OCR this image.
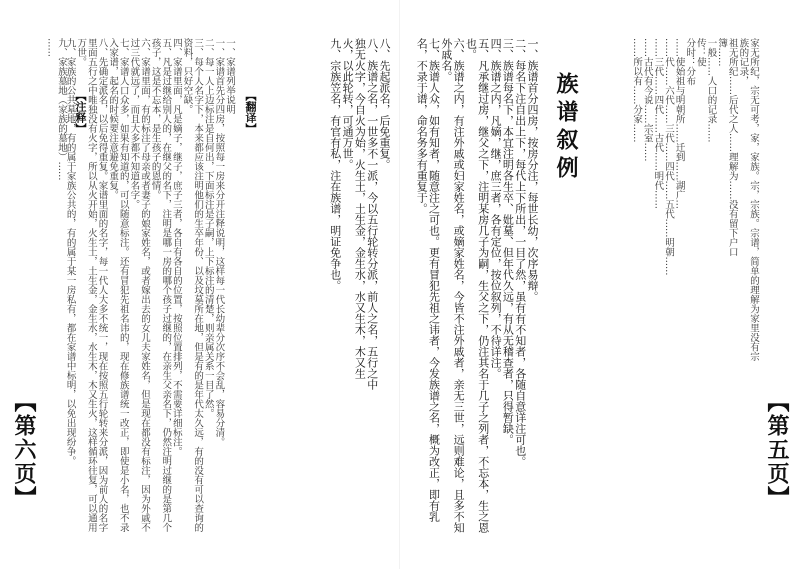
【第五页】
家无所纪，宗无可考，家，家族。宗，宗族。宗谱，简单的理解为家里没有宗族的记录，
祖无所纪……后代之人……理解为……没有留下户口
簿……
一般……人口的记录……
传：使
分时：分布
……使始祖与明朝所……迁到……湖广…
……代……六代……三代……四代……五代……明朝……
……三代……四代……古代……明代……
……古代有今说……宗室……
……所以有……分家……
族谱叙例
一、族谱首分四房，按房分注，每世长幼，次序易辩。
二、每名下注自出上下，每代上下所出，一目了然，虽有有不知者，各随自意详注可也。
三、族谱每名下，本宜注明各生卒、妣墓、但年代久远，有从无稽查者，只得暂缺。
四、族谱之内，凡嫡，继，庶三者，各有定位，按位叙列，不待详注。
五、凡承继过房，继父之下，注明某房几子为嗣，生父之下，仍注其名于几子之列者，不忘本，生之恩也。
六、族谱之内，有注外戚或妇家姓名，或嫡家姓名，今皆不注外戚者，亲无三世，远则难论，且多不知外戚名。
七、族谱人众，如有知者，随意注之可也。更有冒犯先祖之讳者，今发族谱之名，概为改正，即有乳名，不录于谱，命名务多有重复于。
八、先起派名，后免重复。
八、族谱之名，一世多不一派，今以五行轮转分派，前人之名，五行之中独无火字，今自火为始，火生土，土生金，金生水，水又生木，木又生火，以此轮转，可通万世。
九、宗族笠名，有官有私，注在族谱，明证免争也。
【翻译】
一、家谱列举说明
一、家谱首先分四房，按照每一房来分开注释说明，这样每一代长幼辈分次序不会乱，容易分清。
二、每一人上边标注是自何出，下面标注是子嗣，上下标注的清楚，则亲属关系一目了然。
三、每个人名字下，本来都应该注明他们的生卒年份、以及坟墓所在地，但是有的是年代太久远，有的没有可以查询的资料，只好空缺。
四、家谱里面，凡是嫡子，继子，庶子三者，各自有各自的位置，按照位置排列，不需要详细标注。
五、凡是过继给别人的，在继父的名下，注明是哪一房的哪个孩子过继的，在亲生父亲名下，仍然注明过继的是第几个孩子，这是不忘本，是生孩子的恩情。
六、家谱里面，有的标注了母亲或者妻子的娘家姓名，或者嫁出去的女儿夫家姓名，但是现在都没有标注，因为外戚不过三代就远了，而且大多都不知道名字。
七、家谱人口众多，如果有知道的，可以随意标注。还有冒犯先祖名讳的，现在修族谱统一改正，即使是小名，也不录入家谱，起名的时候要注意避免重复。
八、先确定派名，以后免得重复。家谱里面的名字，每一代人大多不统一，现在按照五行轮转来分派，因为前人的名字里面五行之中唯独没有火字，所以从火开始，火生土，土生金，金生水，水生木，木又生火，这样循环往复，可以通用万世。
九、家族的公共墓地，有的属于家族公共的，有的属于某一房私有，都在家谱中标明，以免出现纷争。
【注释】
九、家族墓地（家族的墓地）……
……
【第六页】
